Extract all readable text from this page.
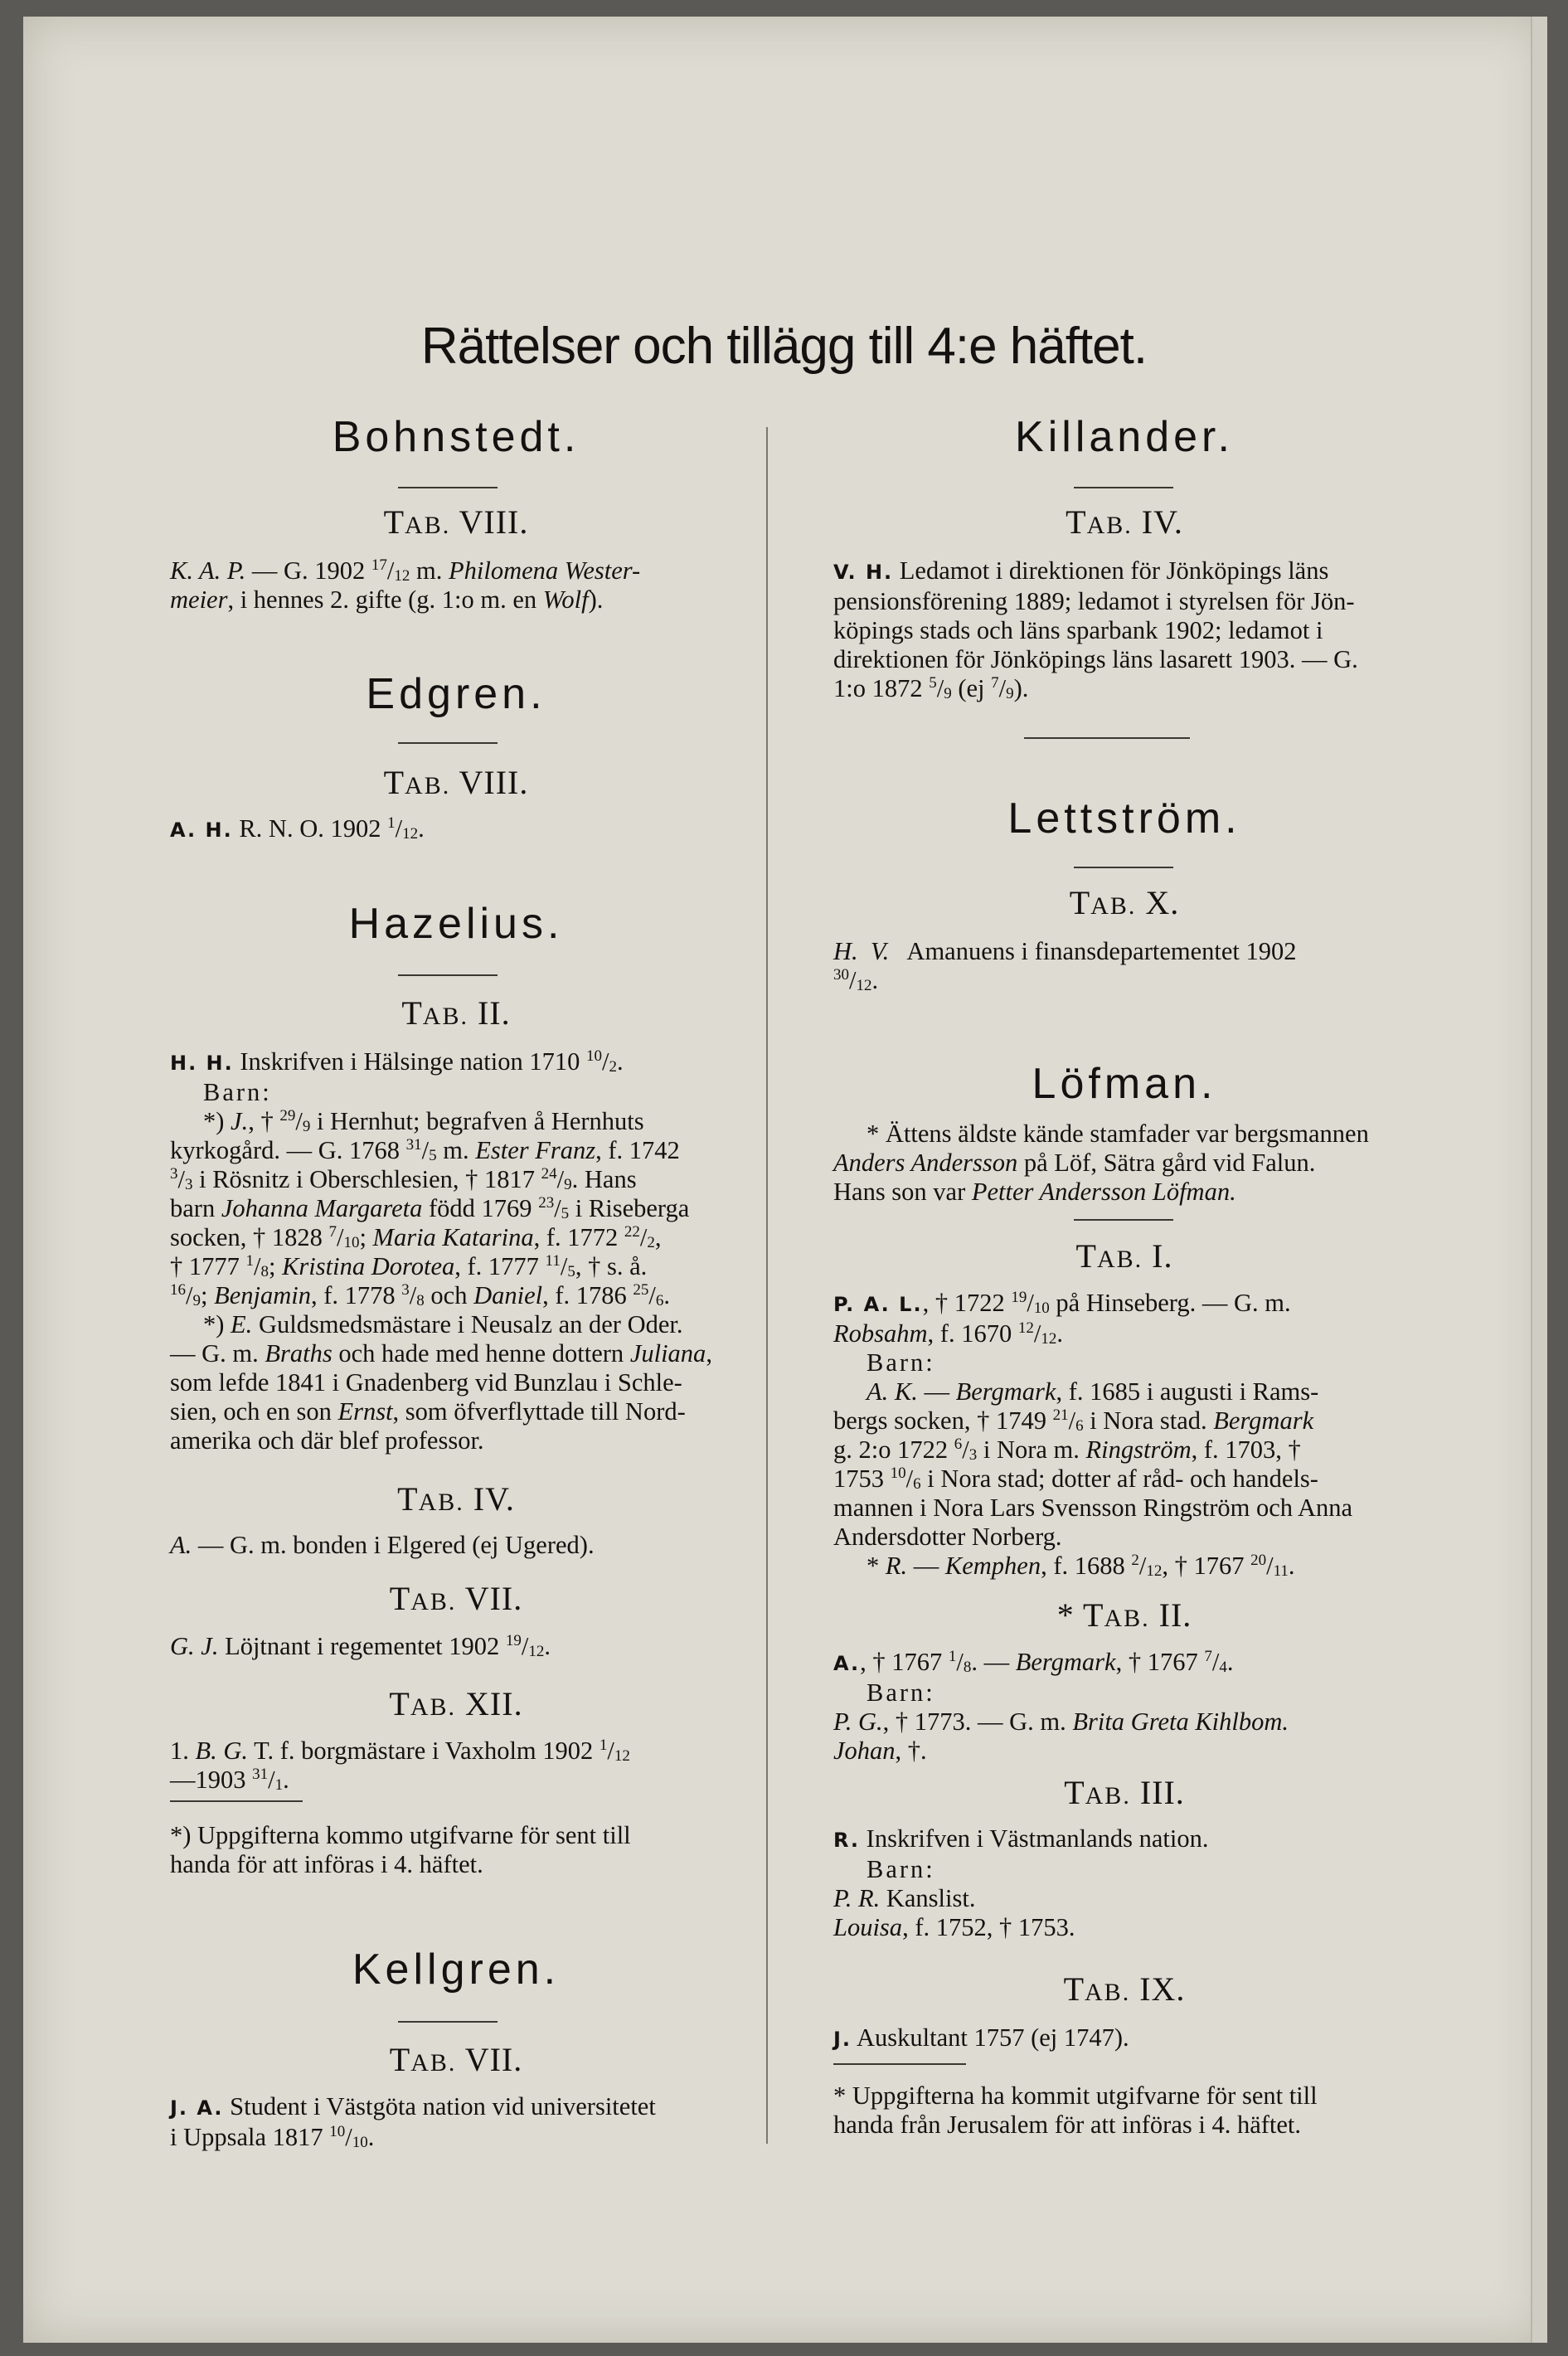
Rättelser och tillägg till 4:e häftet.
Bohnstedt.
TAB. VIII.
K. A. P. — G. 1902 $^{17}/_{12}$ m. Philomena Wester-
meier, i hennes 2. gifte (g. 1:o m. en Wolf).
Edgren.
TAB. VIII.
A. H. R. N. O. 1902 $^1/_{12}$.
Hazelius.
TAB. II.
H. H. Inskrifven i Hälsinge nation 1710 $^{10}/_2$.
Barn:
*) J., † $^{29}/_9$ i Hernhut; begrafven å Hernhuts
kyrkogård. — G. 1768 $^{31}/_5$ m. Ester Franz, f. 1742
$^3/_3$ i Rösnitz i Oberschlesien, † 1817 $^{24}/_9$. Hans
barn Johanna Margareta född 1769 $^{23}/_5$ i Riseberga
socken, † 1828 $^7/_{10}$; Maria Katarina, f. 1772 $^{22}/_2$,
† 1777 $^1/_8$; Kristina Dorotea, f. 1777 $^{11}/_5$, † s. å.
$^{16}/_9$; Benjamin, f. 1778 $^3/_8$ och Daniel, f. 1786 $^{25}/_6$.
*) E. Guldsmedsmästare i Neusalz an der Oder.
— G. m. Braths och hade med henne dottern Juliana,
som lefde 1841 i Gnadenberg vid Bunzlau i Schle-
sien, och en son Ernst, som öfverflyttade till Nord-
amerika och där blef professor.
TAB. IV.
A. — G. m. bonden i Elgered (ej Ugered).
TAB. VII.
G. J. Löjtnant i regementet 1902 $^{19}/_{12}$.
TAB. XII.
1. B. G. T. f. borgmästare i Vaxholm 1902 $^1/_{12}$
—1903 $^{31}/_1$.
*) Uppgifterna kommo utgifvarne för sent till
handa för att införas i 4. häftet.
Kellgren.
TAB. VII.
J. A. Student i Västgöta nation vid universitetet
i Uppsala 1817 $^{10}/_{10}$.
Killander.
TAB. IV.
V. H. Ledamot i direktionen för Jönköpings läns
pensionsförening 1889; ledamot i styrelsen för Jön-
köpings stads och läns sparbank 1902; ledamot i
direktionen för Jönköpings läns lasarett 1903. — G.
1:o 1872 $^5/_9$ (ej $^7/_9$).
Lettström.
TAB. X.
H.  V.   Amanuens i finansdepartementet 1902
$^{30}/_{12}$.
Löfman.
* Ättens äldste kände stamfader var bergsmannen
Anders Andersson på Löf, Sätra gård vid Falun.
Hans son var Petter Andersson Löfman.
TAB. I.
P. A. L., † 1722 $^{19}/_{10}$ på Hinseberg. — G. m.
Robsahm, f. 1670 $^{12}/_{12}$.
Barn:
A. K. — Bergmark, f. 1685 i augusti i Rams-
bergs socken, † 1749 $^{21}/_6$ i Nora stad. Bergmark
g. 2:o 1722 $^6/_3$ i Nora m. Ringström, f. 1703, †
1753 $^{10}/_6$ i Nora stad; dotter af råd- och handels-
mannen i Nora Lars Svensson Ringström och Anna
Andersdotter Norberg.
* R. — Kemphen, f. 1688 $^2/_{12}$, † 1767 $^{20}/_{11}$.
* TAB. II.
A., † 1767 $^1/_8$. — Bergmark, † 1767 $^7/_4$.
Barn:
P. G., † 1773. — G. m. Brita Greta Kihlbom.
Johan, †.
TAB. III.
R. Inskrifven i Västmanlands nation.
Barn:
P. R. Kanslist.
Louisa, f. 1752, † 1753.
TAB. IX.
J. Auskultant 1757 (ej 1747).
* Uppgifterna ha kommit utgifvarne för sent till
handa från Jerusalem för att införas i 4. häftet.
